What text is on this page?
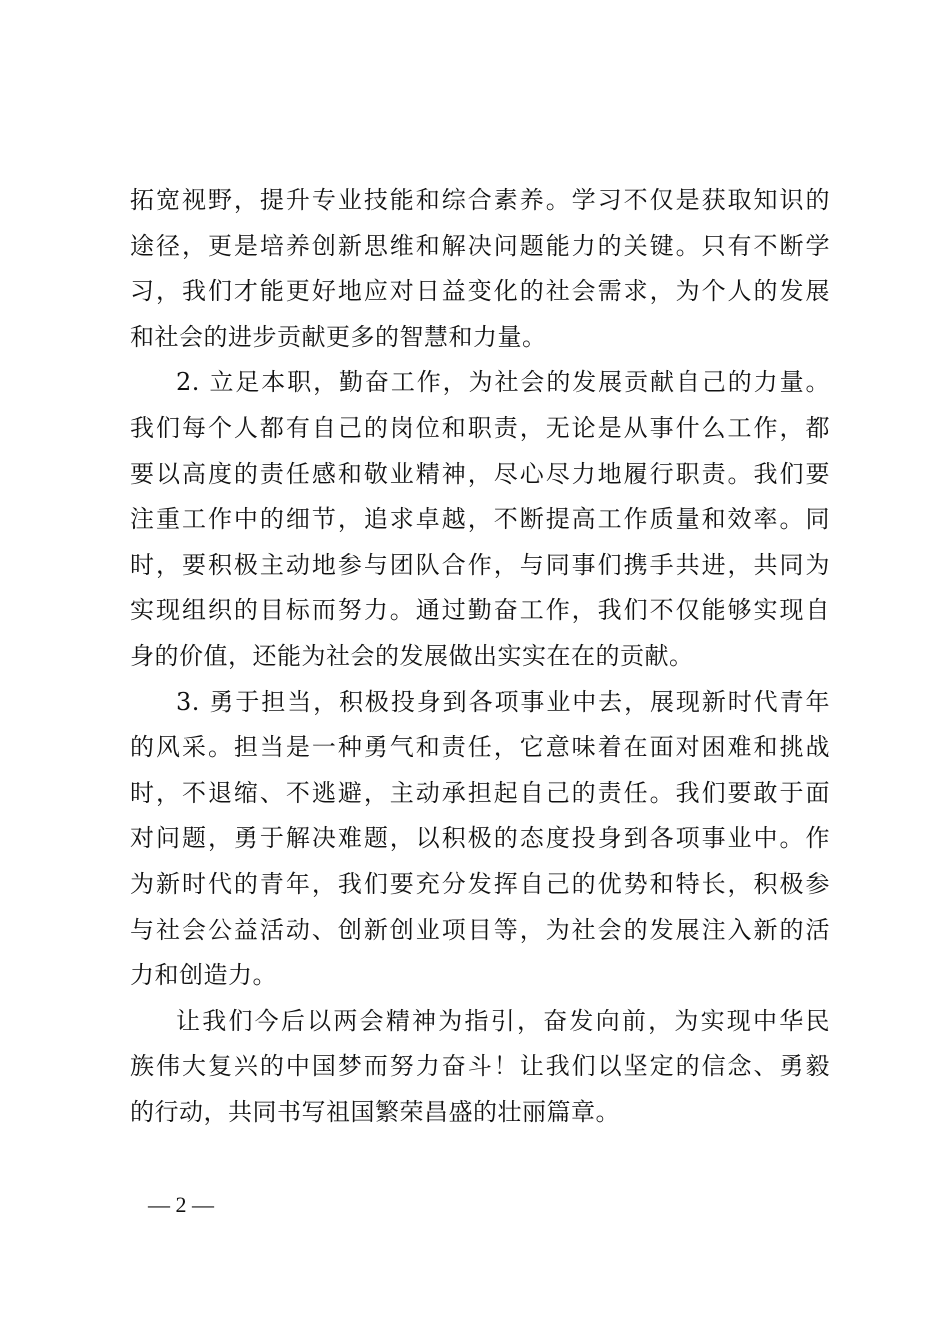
拓宽视野，提升专业技能和综合素养。学习不仅是获取知识的
途径，更是培养创新思维和解决问题能力的关键。只有不断学
习，我们才能更好地应对日益变化的社会需求，为个人的发展
和社会的进步贡献更多的智慧和力量。
2. 立足本职，勤奋工作，为社会的发展贡献自己的力量。
我们每个人都有自己的岗位和职责，无论是从事什么工作，都
要以高度的责任感和敬业精神，尽心尽力地履行职责。我们要
注重工作中的细节，追求卓越，不断提高工作质量和效率。同
时，要积极主动地参与团队合作，与同事们携手共进，共同为
实现组织的目标而努力。通过勤奋工作，我们不仅能够实现自
身的价值，还能为社会的发展做出实实在在的贡献。
3. 勇于担当，积极投身到各项事业中去，展现新时代青年
的风采。担当是一种勇气和责任，它意味着在面对困难和挑战
时，不退缩、不逃避，主动承担起自己的责任。我们要敢于面
对问题，勇于解决难题，以积极的态度投身到各项事业中。作
为新时代的青年，我们要充分发挥自己的优势和特长，积极参
与社会公益活动、创新创业项目等，为社会的发展注入新的活
力和创造力。
让我们今后以两会精神为指引，奋发向前，为实现中华民
族伟大复兴的中国梦而努力奋斗！让我们以坚定的信念、勇毅
的行动，共同书写祖国繁荣昌盛的壮丽篇章。
— 2 —
